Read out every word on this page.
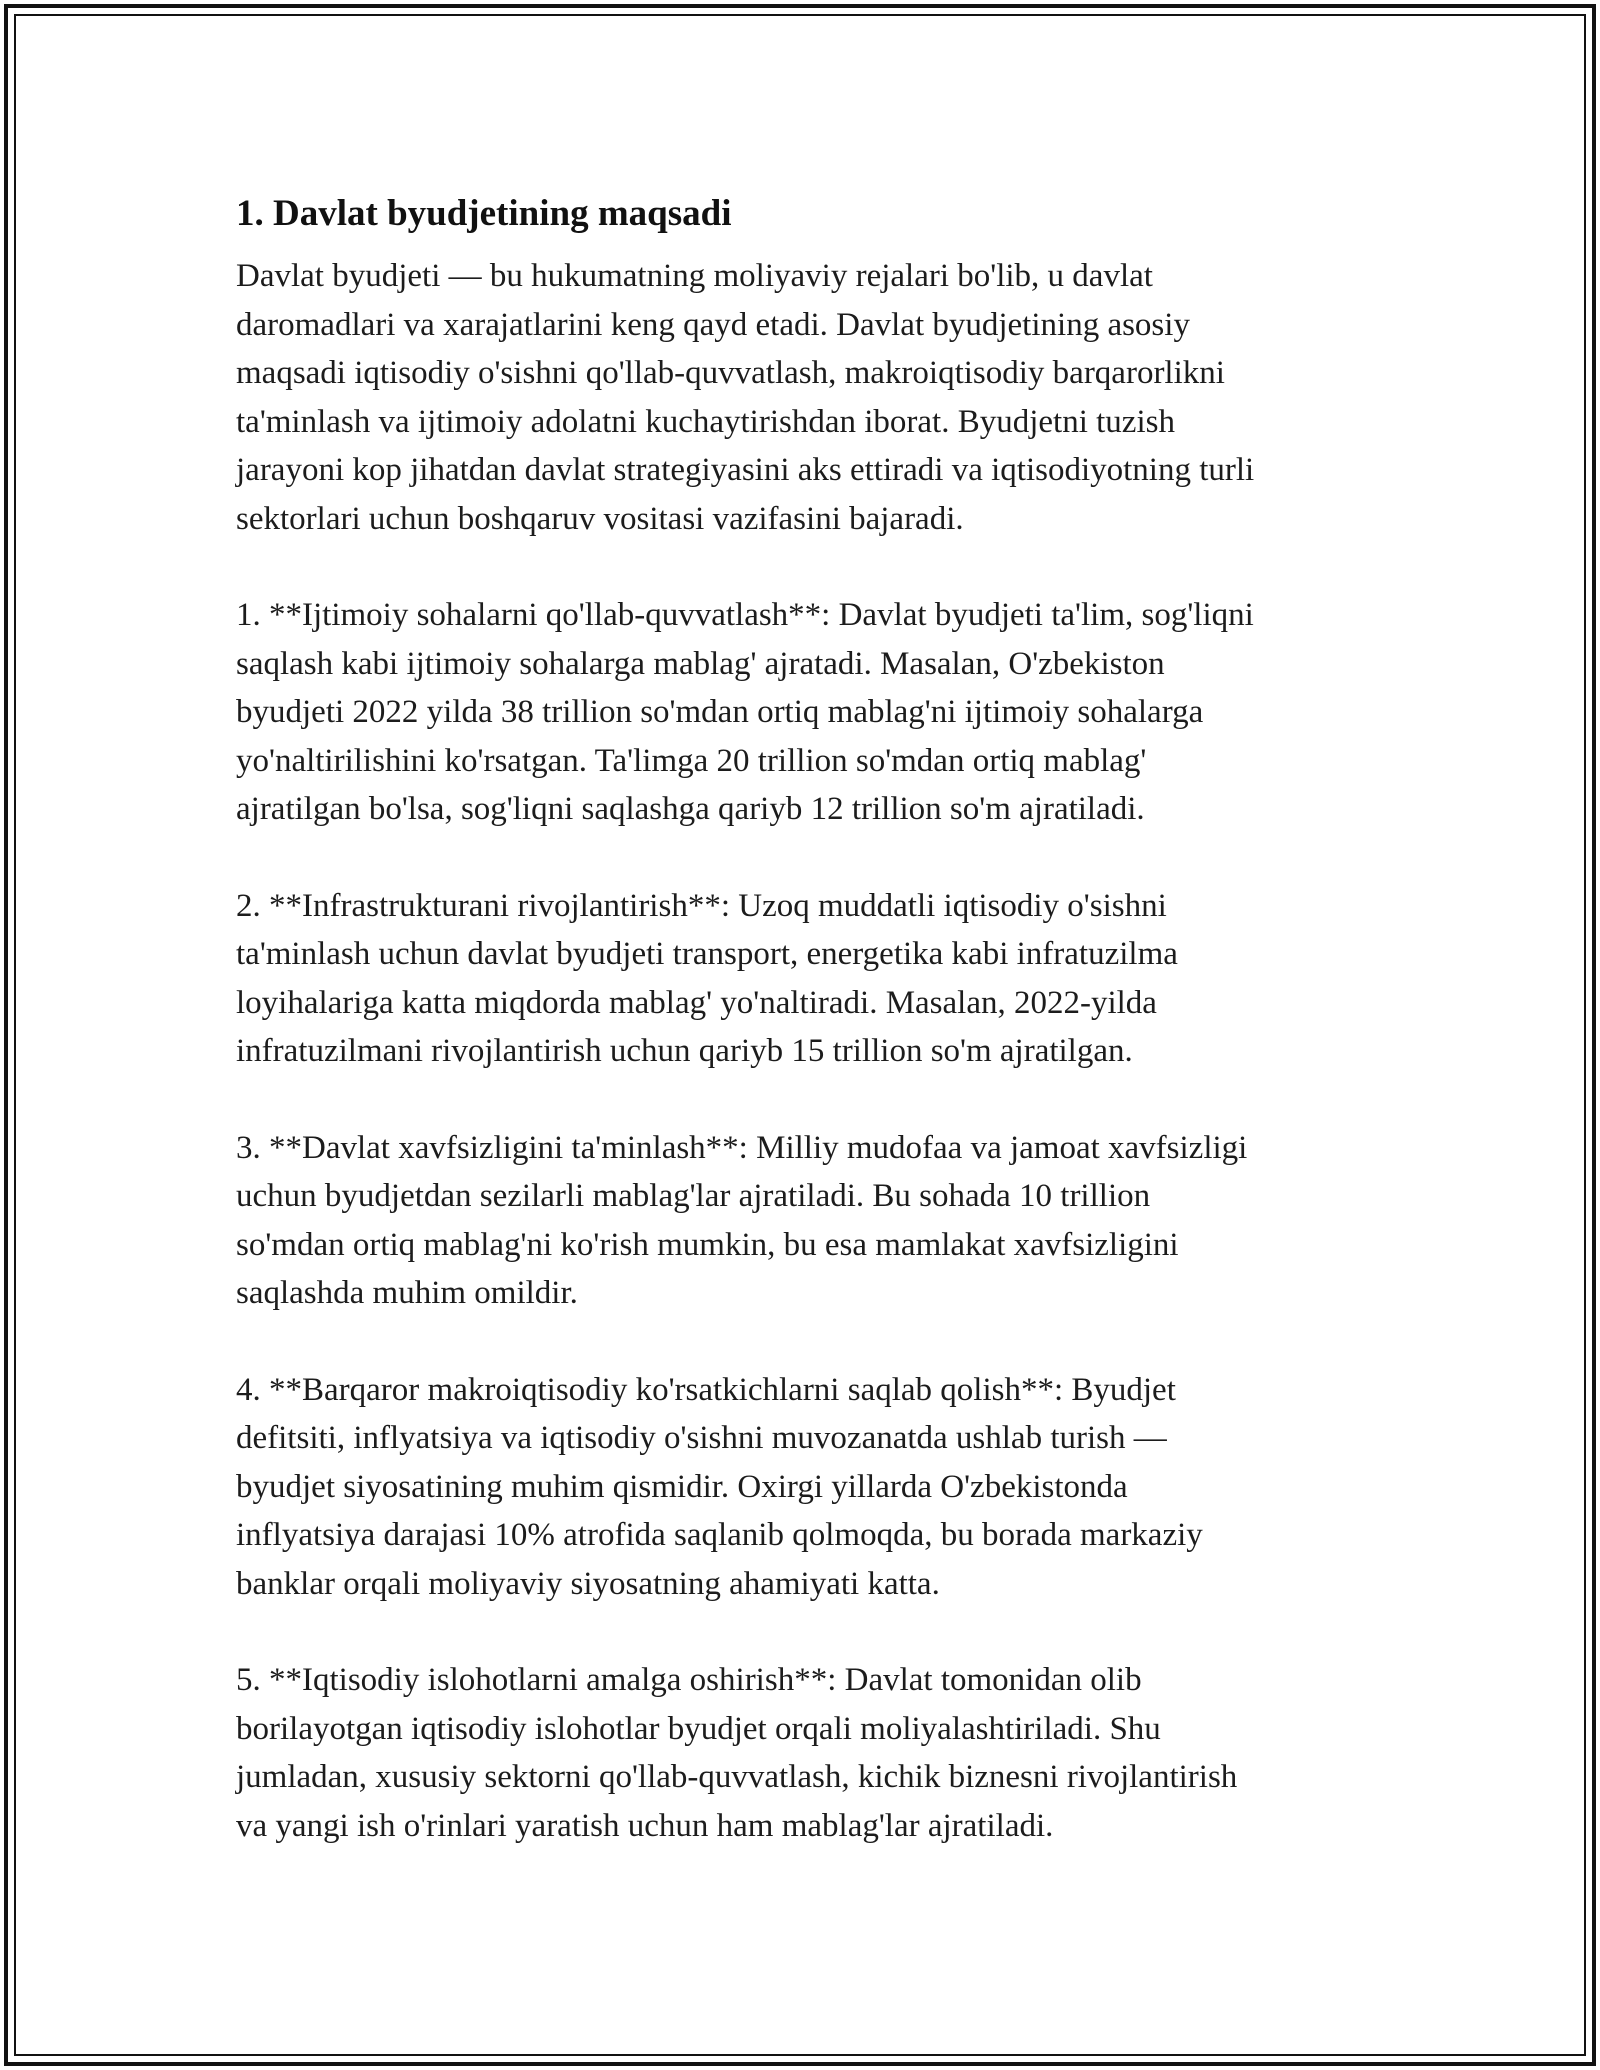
1. Davlat byudjetining maqsadi

Davlat byudjeti — bu hukumatning moliyaviy rejalari bo'lib, u davlat
daromadlari va xarajatlarini keng qayd etadi. Davlat byudjetining asosiy
maqsadi iqtisodiy o'sishni qo'llab-quvvatlash, makroiqtisodiy barqarorlikni
ta'minlash va ijtimoiy adolatni kuchaytirishdan iborat. Byudjetni tuzish
jarayoni kop jihatdan davlat strategiyasini aks ettiradi va iqtisodiyotning turli
sektorlari uchun boshqaruv vositasi vazifasini bajaradi.

1. **Ijtimoiy sohalarni qo'llab-quvvatlash**: Davlat byudjeti ta'lim, sog'liqni
saqlash kabi ijtimoiy sohalarga mablag' ajratadi. Masalan, O'zbekiston
byudjeti 2022 yilda 38 trillion so'mdan ortiq mablag'ni ijtimoiy sohalarga
yo'naltirilishini ko'rsatgan. Ta'limga 20 trillion so'mdan ortiq mablag'
ajratilgan bo'lsa, sog'liqni saqlashga qariyb 12 trillion so'm ajratiladi.

2. **Infrastrukturani rivojlantirish**: Uzoq muddatli iqtisodiy o'sishni
ta'minlash uchun davlat byudjeti transport, energetika kabi infratuzilma
loyihalariga katta miqdorda mablag' yo'naltiradi. Masalan, 2022-yilda
infratuzilmani rivojlantirish uchun qariyb 15 trillion so'm ajratilgan.

3. **Davlat xavfsizligini ta'minlash**: Milliy mudofaa va jamoat xavfsizligi
uchun byudjetdan sezilarli mablag'lar ajratiladi. Bu sohada 10 trillion
so'mdan ortiq mablag'ni ko'rish mumkin, bu esa mamlakat xavfsizligini
saqlashda muhim omildir.

4. **Barqaror makroiqtisodiy ko'rsatkichlarni saqlab qolish**: Byudjet
defitsiti, inflyatsiya va iqtisodiy o'sishni muvozanatda ushlab turish —
byudjet siyosatining muhim qismidir. Oxirgi yillarda O'zbekistonda
inflyatsiya darajasi 10% atrofida saqlanib qolmoqda, bu borada markaziy
banklar orqali moliyaviy siyosatning ahamiyati katta.

5. **Iqtisodiy islohotlarni amalga oshirish**: Davlat tomonidan olib
borilayotgan iqtisodiy islohotlar byudjet orqali moliyalashtiriladi. Shu
jumladan, xususiy sektorni qo'llab-quvvatlash, kichik biznesni rivojlantirish
va yangi ish o'rinlari yaratish uchun ham mablag'lar ajratiladi.
